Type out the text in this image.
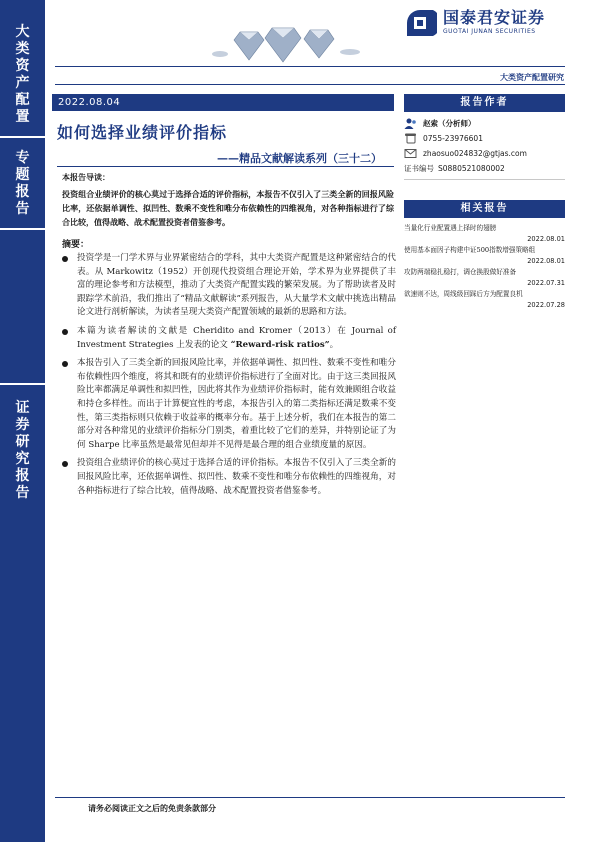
大
类
资
产
配
置
专
题
报
告
证
券
研
究
报
告
国泰君安证券
GUOTAI JUNAN SECURITIES
大类资产配置研究
2022.08.04
如何选择业绩评价指标
——精品文献解读系列（三十二）
本报告导读：
投资组合业绩评价的核心莫过于选择合适的评价指标，本报告不仅引入了三类全新的回报风险比率，还依据单调性、拟凹性、数乘不变性和唯分布依赖性的四维视角，对各种指标进行了综合比较，值得战略、战术配置投资者借鉴参考。
摘要：
投资学是一门学术界与业界紧密结合的学科，其中大类资产配置是这种紧密结合的代表。从 Markowitz（1952）开创现代投资组合理论开始，学术界为业界提供了丰富的理论参考和方法模型，推动了大类资产配置实践的繁荣发展。为了帮助读者及时跟踪学术前沿，我们推出了“精品文献解读”系列报告，从大量学术文献中挑选出精品论文进行剖析解读，为读者呈现大类资产配置领域的最新的思路和方法。
本篇为读者解读的文献是 Cheridito and Kromer（2013）在 Journal of Investment Strategies 上发表的论文 “Reward-risk ratios”。
本报告引入了三类全新的回报风险比率，并依据单调性、拟凹性、数乘不变性和唯分布依赖性四个维度，将其和既有的业绩评价指标进行了全面对比。由于这三类回报风险比率都满足单调性和拟凹性，因此将其作为业绩评价指标时，能有效兼顾组合收益和持仓多样性。而出于计算便宜性的考虑，本报告引入的第二类指标还满足数乘不变性，第三类指标则只依赖于收益率的概率分布。基于上述分析，我们在本报告的第二部分对各种常见的业绩评价指标分门别类，着重比较了它们的差异，并特别论证了为何 Sharpe 比率虽然是最常见但却并不见得是最合理的组合业绩度量的原因。
投资组合业绩评价的核心莫过于选择合适的评价指标。本报告不仅引入了三类全新的回报风险比率，还依据单调性、拟凹性、数乘不变性和唯分布依赖性的四维视角，对各种指标进行了综合比较，值得战略、战术配置投资者借鉴参考。
报告作者
赵索（分析师）
0755-23976601
zhaosuo024832@gtjas.com
证书编号 S0880521080002
相关报告
当量化行业配置遇上择时的翅膀
2022.08.01
使用基本面因子构建中证500指数增强策略组
2022.08.01
攻防两端稳扎稳打，调仓换股做好准备
2022.07.31
欲速则不达，周线级回踩后方为配置良机
2022.07.28
请务必阅读正文之后的免责条款部分
